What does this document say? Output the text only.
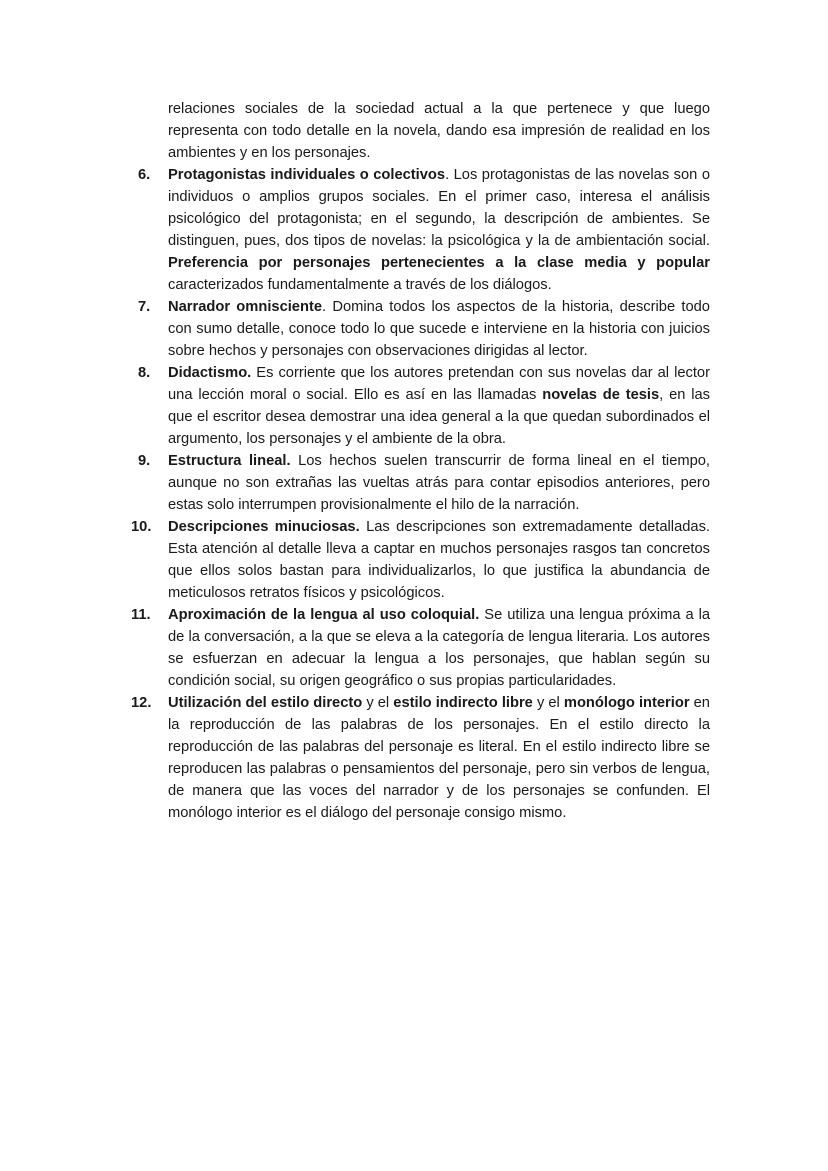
relaciones sociales de la sociedad actual a la que pertenece y que luego representa con todo detalle en la novela, dando esa impresión de realidad en los ambientes y en los personajes.
6. Protagonistas individuales o colectivos. Los protagonistas de las novelas son o individuos o amplios grupos sociales. En el primer caso, interesa el análisis psicológico del protagonista; en el segundo, la descripción de ambientes. Se distinguen, pues, dos tipos de novelas: la psicológica y la de ambientación social. Preferencia por personajes pertenecientes a la clase media y popular caracterizados fundamentalmente a través de los diálogos.
7. Narrador omnisciente. Domina todos los aspectos de la historia, describe todo con sumo detalle, conoce todo lo que sucede e interviene en la historia con juicios sobre hechos y personajes con observaciones dirigidas al lector.
8. Didactismo. Es corriente que los autores pretendan con sus novelas dar al lector una lección moral o social. Ello es así en las llamadas novelas de tesis, en las que el escritor desea demostrar una idea general a la que quedan subordinados el argumento, los personajes y el ambiente de la obra.
9. Estructura lineal. Los hechos suelen transcurrir de forma lineal en el tiempo, aunque no son extrañas las vueltas atrás para contar episodios anteriores, pero estas solo interrumpen provisionalmente el hilo de la narración.
10. Descripciones minuciosas. Las descripciones son extremadamente detalladas. Esta atención al detalle lleva a captar en muchos personajes rasgos tan concretos que ellos solos bastan para individualizarlos, lo que justifica la abundancia de meticulosos retratos físicos y psicológicos.
11. Aproximación de la lengua al uso coloquial. Se utiliza una lengua próxima a la de la conversación, a la que se eleva a la categoría de lengua literaria. Los autores se esfuerzan en adecuar la lengua a los personajes, que hablan según su condición social, su origen geográfico o sus propias particularidades.
12. Utilización del estilo directo y el estilo indirecto libre y el monólogo interior en la reproducción de las palabras de los personajes. En el estilo directo la reproducción de las palabras del personaje es literal. En el estilo indirecto libre se reproducen las palabras o pensamientos del personaje, pero sin verbos de lengua, de manera que las voces del narrador y de los personajes se confunden. El monólogo interior es el diálogo del personaje consigo mismo.
